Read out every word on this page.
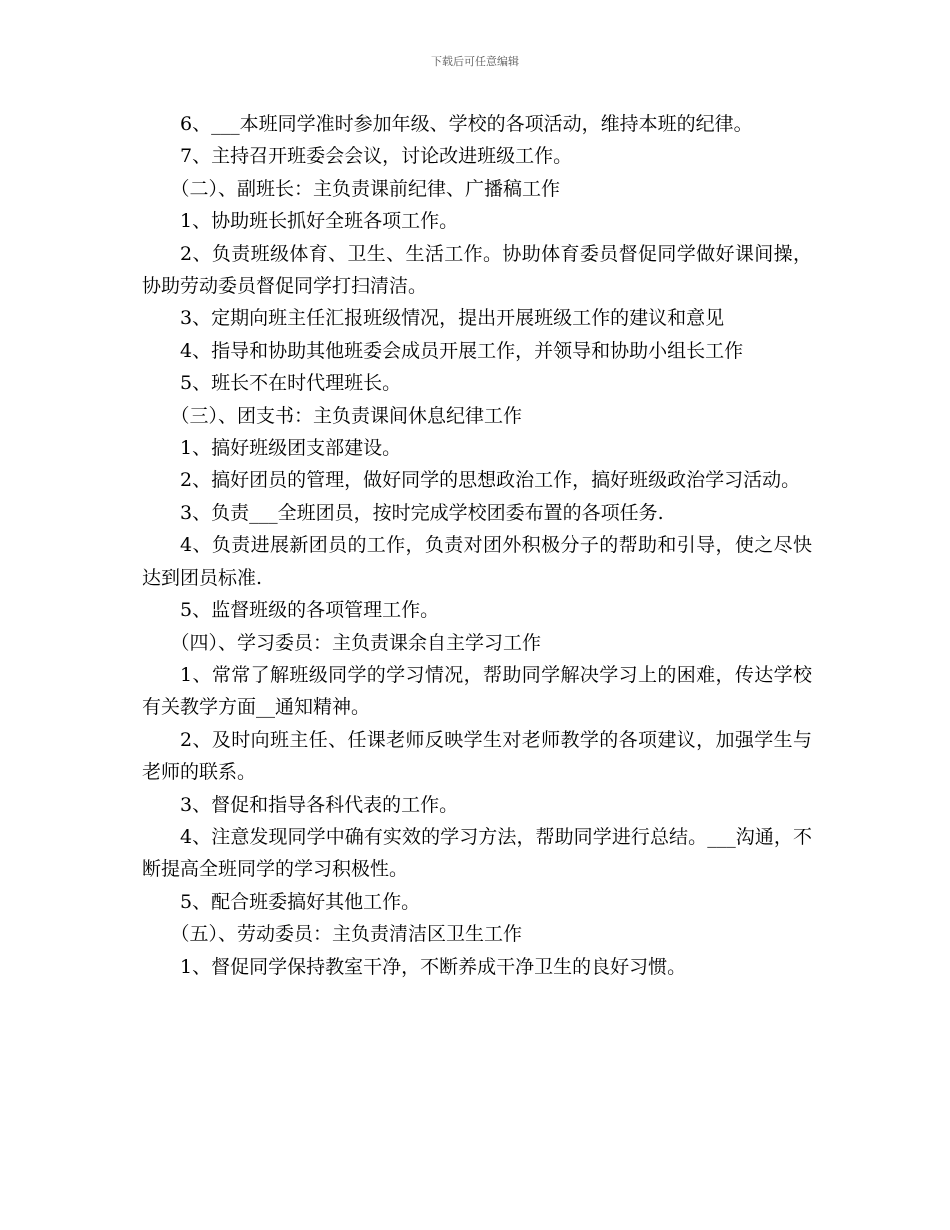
下载后可任意编辑

6、___本班同学准时参加年级、学校的各项活动，维持本班的纪律。

7、主持召开班委会会议，讨论改进班级工作。

（二）、副班长：主负责课前纪律、广播稿工作

1、协助班长抓好全班各项工作。

2、负责班级体育、卫生、生活工作。协助体育委员督促同学做好课间操，协助劳动委员督促同学打扫清洁。

3、定期向班主任汇报班级情况，提出开展班级工作的建议和意见

4、指导和协助其他班委会成员开展工作，并领导和协助小组长工作

5、班长不在时代理班长。

（三）、团支书：主负责课间休息纪律工作

1、搞好班级团支部建设。

2、搞好团员的管理，做好同学的思想政治工作，搞好班级政治学习活动。

3、负责___全班团员，按时完成学校团委布置的各项任务.

4、负责进展新团员的工作，负责对团外积极分子的帮助和引导，使之尽快达到团员标准.

5、监督班级的各项管理工作。

（四）、学习委员：主负责课余自主学习工作

1、常常了解班级同学的学习情况，帮助同学解决学习上的困难，传达学校有关教学方面__通知精神。

2、及时向班主任、任课老师反映学生对老师教学的各项建议，加强学生与老师的联系。

3、督促和指导各科代表的工作。

4、注意发现同学中确有实效的学习方法，帮助同学进行总结。___沟通，不断提高全班同学的学习积极性。

5、配合班委搞好其他工作。

（五）、劳动委员：主负责清洁区卫生工作

1、督促同学保持教室干净，不断养成干净卫生的良好习惯。
